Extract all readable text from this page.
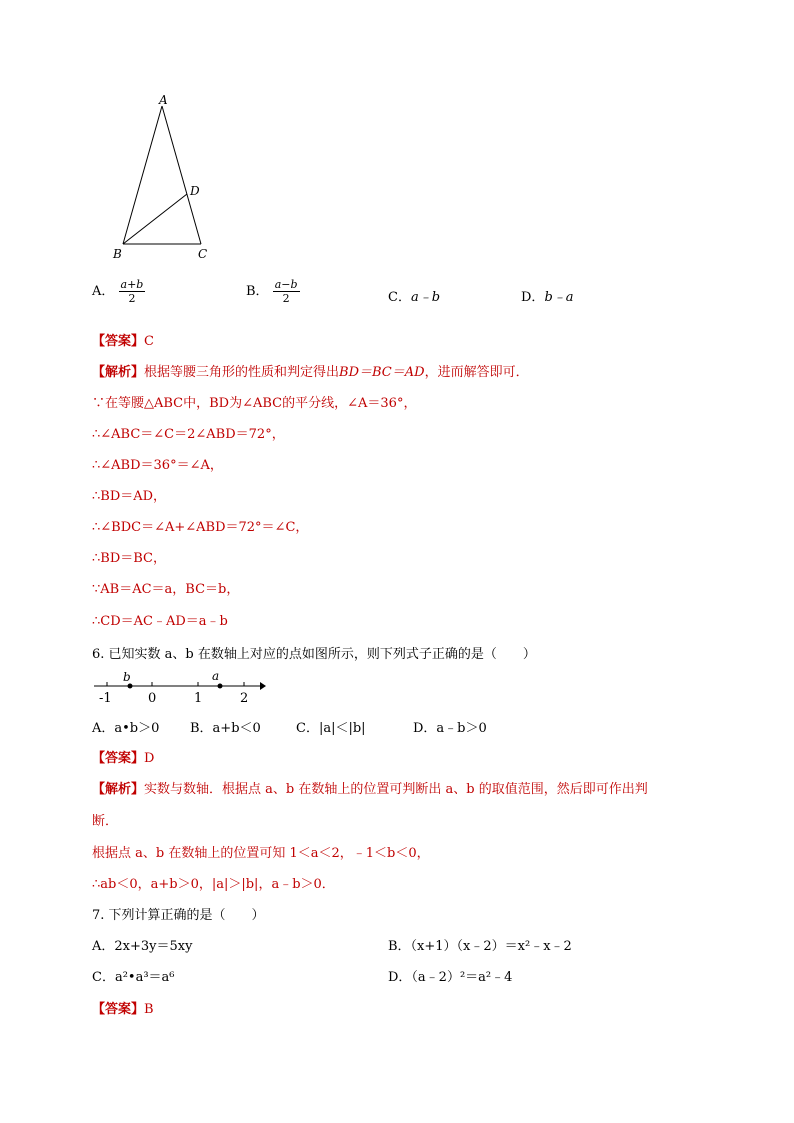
A
B	C
D
A． $\frac{a+b}{2}$	B． $\frac{a-b}{2}$	C．a﹣b	D．b﹣a
【答案】C
【解析】根据等腰三角形的性质和判定得出BD＝BC＝AD，进而解答即可．
∵在等腰△ABC中，BD为∠ABC的平分线，∠A＝36°，
∴∠ABC＝∠C＝2∠ABD＝72°，
∴∠ABD＝36°＝∠A，
∴BD＝AD，
∴∠BDC＝∠A+∠ABD＝72°＝∠C，
∴BD＝BC，
∵AB＝AC＝a，BC＝b，
∴CD＝AC﹣AD＝a﹣b
6. 已知实数 a、b 在数轴上对应的点如图所示，则下列式子正确的是（　　）
b	a
-1	0	1	2
A．a•b＞0 B．a+b＜0	C．|a|＜|b|	D．a﹣b＞0
【答案】D
【解析】实数与数轴．根据点 a、b 在数轴上的位置可判断出 a、b 的取值范围，然后即可作出判
断．
根据点 a、b 在数轴上的位置可知 1＜a＜2，﹣1＜b＜0，
∴ab＜0，a+b＞0，|a|＞|b|，a﹣b＞0．
7. 下列计算正确的是（　　）
A．2x+3y＝5xy	B．（x+1）（x﹣2）＝x²﹣x﹣2
C．a²•a³＝a⁶	D．（a﹣2）²＝a²﹣4
【答案】B
